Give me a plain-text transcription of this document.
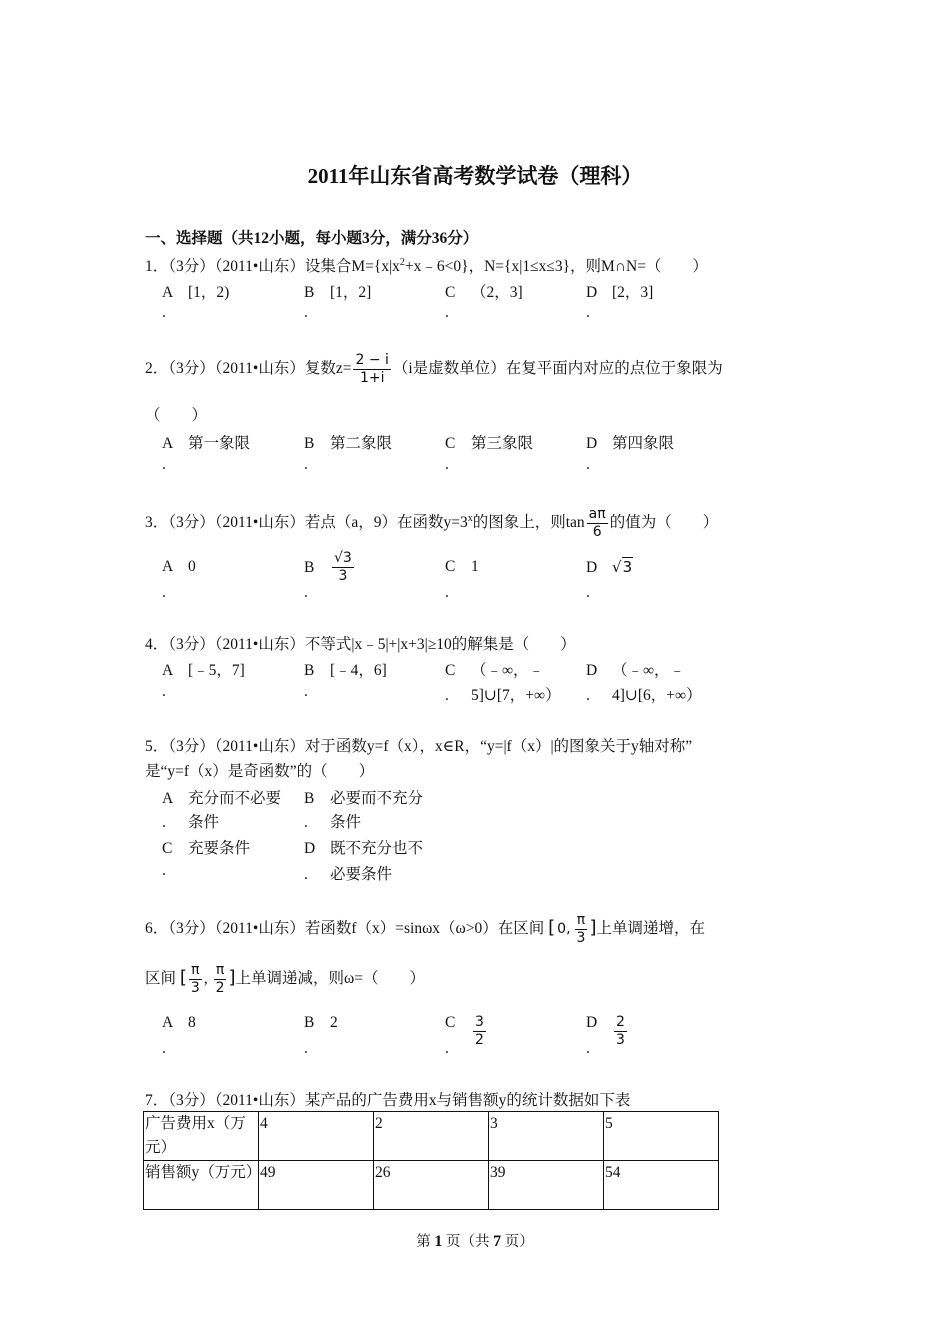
2011年山东省高考数学试卷（理科）
一、选择题（共12小题，每小题3分，满分36分）
1．（3分）（2011•山东）设集合$M=\{x|x^2+x﹣6<0\}$，N={x|1≤x≤3}，则M∩N=（　　）
A [1，2)	B [1，2]	C （2，3]	D [2，3]
.	.	.	.
2．（3分）（2011•山东）复数$z= \frac{2 - i}{1+i} (i$是虚数单位）在复平面内对应的点位于象限为
（　　）
A 第一象限	B 第二象限	C 第三象限	D 第四象限
.	.	.	.
3．（3分）（2011•山东）若点（a，9）在函数$y=3^x$的图象上，则$\tan \frac{a\pi}{6}$ 的值为（　　）
A 0	B $\frac{√3}{3}$	C 1	D √3
.	.	.	.
4．（3分）（2011•山东）不等式|x﹣5|+|x+3|≥10的解集是（　　）
A [﹣5，7]	B [﹣4，6]	C （﹣∞，﹣	D （﹣∞，﹣
.	.	. 5]∪[7，+∞） . 4]∪[6，+∞）
5．（3分）（2011•山东）对于函数y=f（x），x∈R，“y=|f（x）|的图象关于y轴对称”
是“y=f（x）是奇函数”的（　　）
A 充分而不必要 B 必要而不充分
. 条件	. 条件
C 充要条件	D 既不充分也不
.	. 必要条件
6．（3分）（2011•山东）若函数f（x）=sinωx（ω>0）在区间 [ 0, $\frac{\pi}{3}$ ]上单调递增，在
区间 [ $\frac{\pi}{3}$ , $\frac{\pi}{2}$ ]上单调递减，则ω=（　　）
A 8	B 2	C $\frac{3}{2}$	D $\frac{2}{3}$
.	.	.	.
7．（3分）（2011•山东）某产品的广告费用x与销售额y的统计数据如下表
广告费用x（万元）	4	2	3	5
销售额y（万元）	49	26	39	54
第 1 页（共 7 页）
